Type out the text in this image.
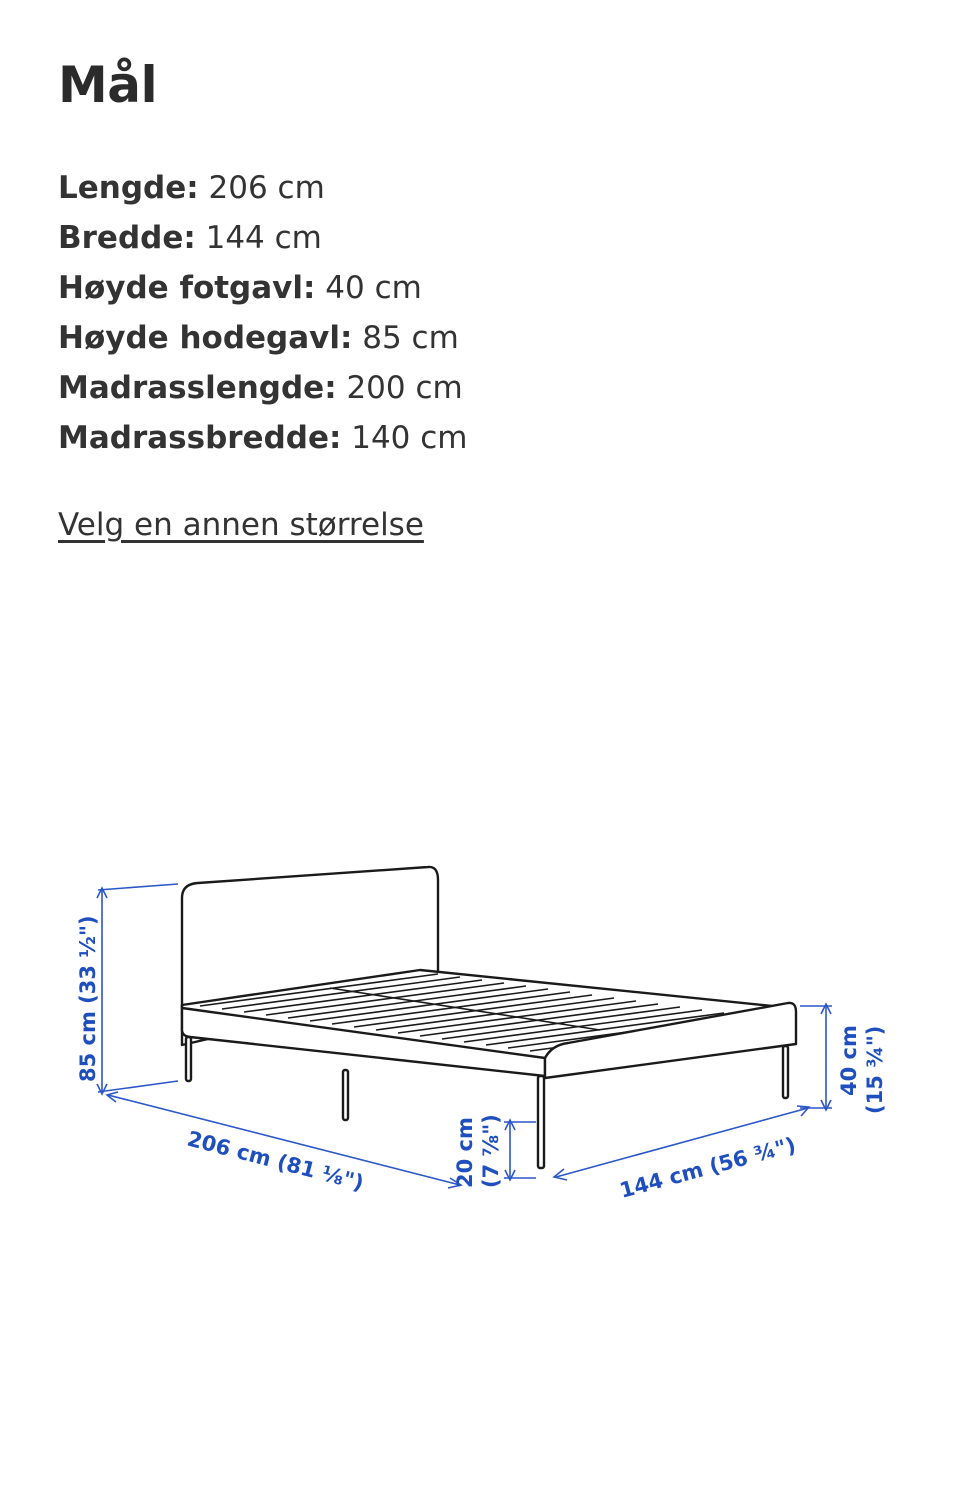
Mål
Lengde: 206 cm
Bredde: 144 cm
Høyde fotgavl: 40 cm
Høyde hodegavl: 85 cm
Madrasslengde: 200 cm
Madrassbredde: 140 cm
Velg en annen størrelse
85 cm (33 ½")
206 cm (81 ⅛")	20 cm (7 ⅞")	144 cm (56 ¾")
40 cm (15 ¾")
